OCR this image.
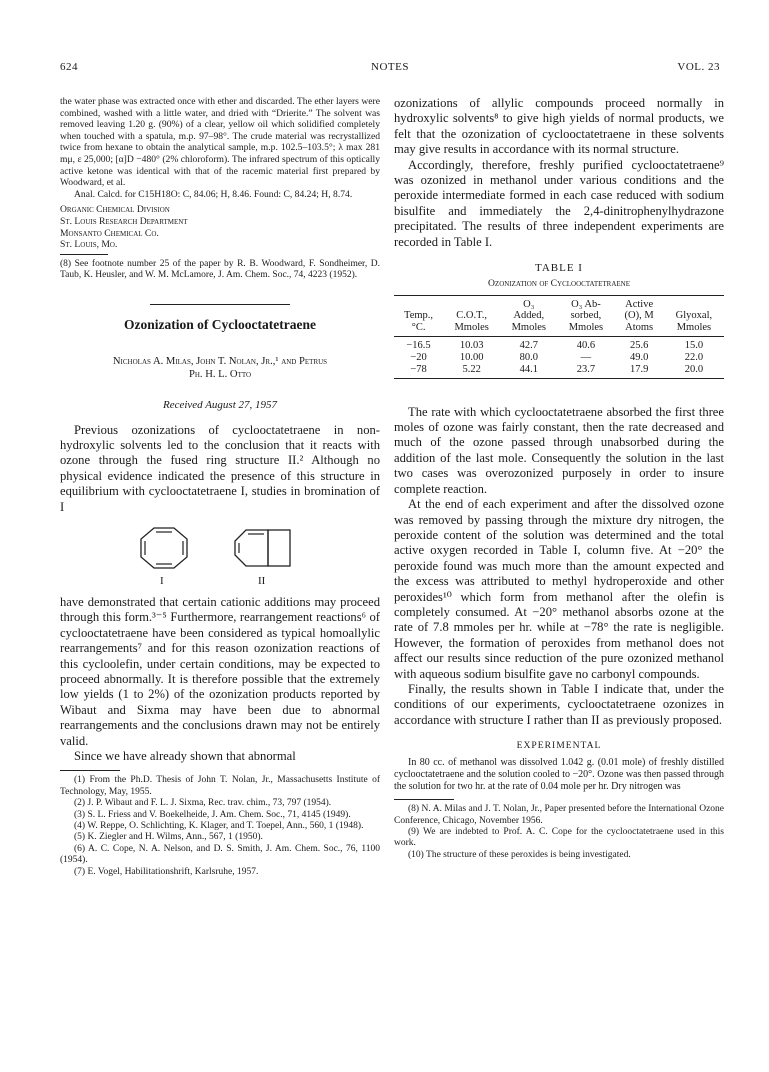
624	NOTES	VOL. 23

the water phase was extracted once with ether and discarded. The ether layers were combined, washed with a little water, and dried with “Drierite.” The solvent was removed leaving 1.20 g. (90%) of a clear, yellow oil which solidified completely when touched with a spatula, m.p. 97–98°. The crude material was recrystallized twice from hexane to obtain the analytical sample, m.p. 102.5–103.5°; λ max 281 mμ, ε 25,000; [α]D −480° (2% chloroform). The infrared spectrum of this optically active ketone was identical with that of the racemic material first prepared by Woodward, et al.

Anal. Calcd. for C15H18O: C, 84.06; H, 8.46. Found: C, 84.24; H, 8.74.

Organic Chemical Division
St. Louis Research Department
Monsanto Chemical Co.
St. Louis, Mo.

(8) See footnote number 25 of the paper by R. B. Woodward, F. Sondheimer, D. Taub, K. Heusler, and W. M. McLamore, J. Am. Chem. Soc., 74, 4223 (1952).

Ozonization of Cyclooctatetraene

Nicholas A. Milas, John T. Nolan, Jr.,¹ and Petrus
Ph. H. L. Otto
Received August 27, 1957

Previous ozonizations of cyclooctatetraene in non-hydroxylic solvents led to the conclusion that it reacts with ozone through the fused ring structure II.² Although no physical evidence indicated the presence of this structure in equilibrium with cyclooctatetraene I, studies in bromination of I

I	II

have demonstrated that certain cationic additions may proceed through this form.³⁻⁵ Furthermore, rearrangement reactions⁶ of cyclooctatetraene have been considered as typical homoallylic rearrangements⁷ and for this reason ozonization reactions of this cycloolefin, under certain conditions, may be expected to proceed abnormally. It is therefore possible that the extremely low yields (1 to 2%) of the ozonization products reported by Wibaut and Sixma may have been due to abnormal rearrangements and the conclusions drawn may not be entirely valid.

Since we have already shown that abnormal

(1) From the Ph.D. Thesis of John T. Nolan, Jr., Massachusetts Institute of Technology, May, 1955.

(2) J. P. Wibaut and F. L. J. Sixma, Rec. trav. chim., 73, 797 (1954).

(3) S. L. Friess and V. Boekelheide, J. Am. Chem. Soc., 71, 4145 (1949).

(4) W. Reppe, O. Schlichting, K. Klager, and T. Toepel, Ann., 560, 1 (1948).

(5) K. Ziegler and H. Wilms, Ann., 567, 1 (1950).

(6) A. C. Cope, N. A. Nelson, and D. S. Smith, J. Am. Chem. Soc., 76, 1100 (1954).

(7) E. Vogel, Habilitationshrift, Karlsruhe, 1957.

ozonizations of allylic compounds proceed normally in hydroxylic solvents⁸ to give high yields of normal products, we felt that the ozonization of cyclooctatetraene in these solvents may give results in accordance with its normal structure.

Accordingly, therefore, freshly purified cyclooctatetraene⁹ was ozonized in methanol under various conditions and the peroxide intermediate formed in each case reduced with sodium bisulfite and immediately the 2,4-dinitrophenylhydrazone precipitated. The results of three independent experiments are recorded in Table I.

TABLE I
Ozonization of Cyclooctatetraene
		O₃	O₃ Ab-	Active	
Temp.,	C.O.T.,	Added,	sorbed,	(O), M	Glyoxal,
°C.	Mmoles	Mmoles	Mmoles	Atoms	Mmoles
−16.5	10.03	42.7	40.6	25.6	15.0
−20	10.00	80.0	—	49.0	22.0
−78	5.22	44.1	23.7	17.9	20.0

The rate with which cyclooctatetraene absorbed the first three moles of ozone was fairly constant, then the rate decreased and much of the ozone passed through unabsorbed during the addition of the last mole. Consequently the solution in the last two cases was overozonized purposely in order to insure complete reaction.

At the end of each experiment and after the dissolved ozone was removed by passing through the mixture dry nitrogen, the peroxide content of the solution was determined and the total active oxygen recorded in Table I, column five. At −20° the peroxide found was much more than the amount expected and the excess was attributed to methyl hydroperoxide and other peroxides¹⁰ which form from methanol after the olefin is completely consumed. At −20° methanol absorbs ozone at the rate of 7.8 mmoles per hr. while at −78° the rate is negligible. However, the formation of peroxides from methanol does not affect our results since reduction of the pure ozonized methanol with aqueous sodium bisulfite gave no carbonyl compounds.

Finally, the results shown in Table I indicate that, under the conditions of our experiments, cyclooctatetraene ozonizes in accordance with structure I rather than II as previously proposed.

EXPERIMENTAL

In 80 cc. of methanol was dissolved 1.042 g. (0.01 mole) of freshly distilled cyclooctatetraene and the solution cooled to −20°. Ozone was then passed through the solution for two hr. at the rate of 0.04 mole per hr. Dry nitrogen was

(8) N. A. Milas and J. T. Nolan, Jr., Paper presented before the International Ozone Conference, Chicago, November 1956.

(9) We are indebted to Prof. A. C. Cope for the cyclooctatetraene used in this work.

(10) The structure of these peroxides is being investigated.
